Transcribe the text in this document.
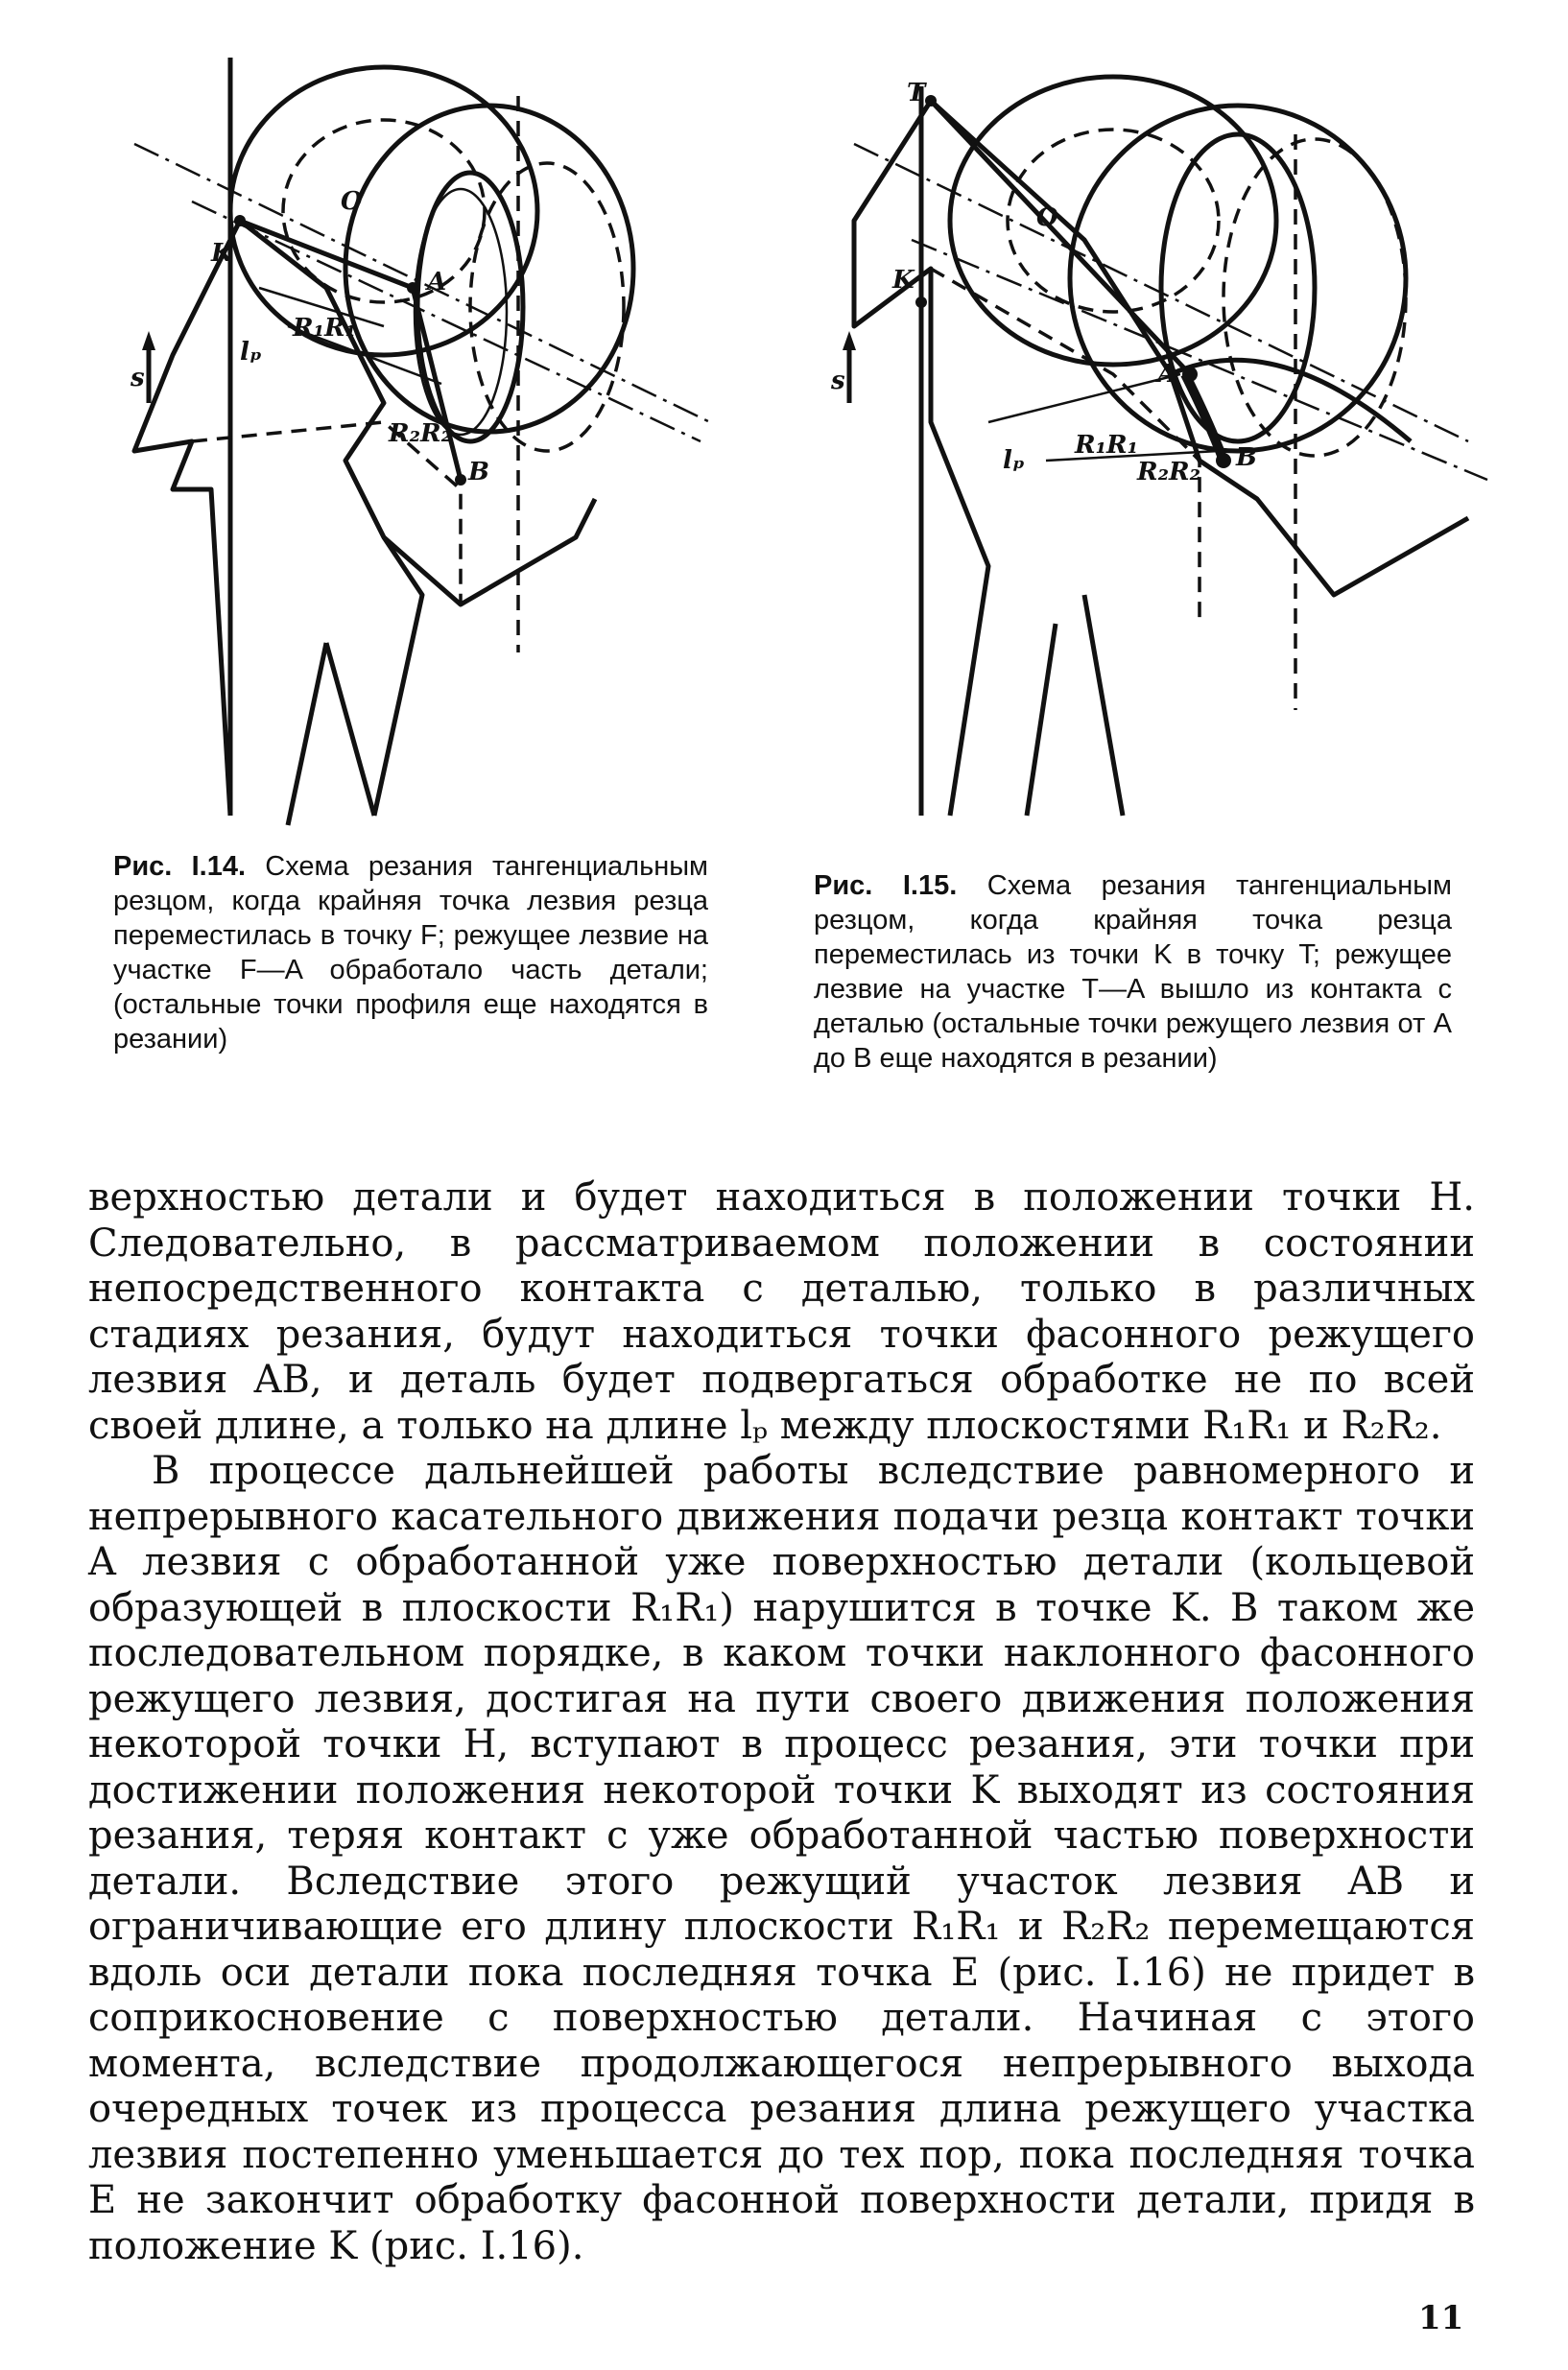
O
K
A
B
s
lₚ
R₁R₁
R₂R₂
T
O
K
A
B
s
lₚ
R₁R₁
R₂R₂
Рис. I.14. Схема резания тангенциальным резцом, когда крайняя точка лезвия резца переместилась в точку F; режущее лезвие на участке F—A обработало часть детали; (остальные точки профиля еще находятся в резании)
Рис. I.15. Схема резания тангенциальным резцом, когда крайняя точка резца переместилась из точки K в точку T; режущее лезвие на участке T—A вышло из контакта с деталью (остальные точки режущего лезвия от A до B еще находятся в резании)

верхностью детали и будет находиться в положении точки H. Следовательно, в рассматриваемом положении в состоянии непосредственного контакта с деталью, только в различных стадиях резания, будут находиться точки фасонного режущего лезвия AB, и деталь будет подвергаться обработке не по всей своей длине, а только на длине lₚ между плоскостями R₁R₁ и R₂R₂.

В процессе дальнейшей работы вследствие равномерного и непрерывного касательного движения подачи резца контакт точки A лезвия с обработанной уже поверхностью детали (кольцевой образующей в плоскости R₁R₁) нарушится в точке K. В таком же последовательном порядке, в каком точки наклонного фасонного режущего лезвия, достигая на пути своего движения положения некоторой точки H, вступают в процесс резания, эти точки при достижении положения некоторой точки K выходят из состояния резания, теряя контакт с уже обработанной частью поверхности детали. Вследствие этого режущий участок лезвия AB и ограничивающие его длину плоскости R₁R₁ и R₂R₂ перемещаются вдоль оси детали пока последняя точка E (рис. I.16) не придет в соприкосновение с поверхностью детали. Начиная с этого момента, вследствие продолжающегося непрерывного выхода очередных точек из процесса резания длина режущего участка лезвия постепенно уменьшается до тех пор, пока последняя точка E не закончит обработку фасонной поверхности детали, придя в положение K (рис. I.16).

11
